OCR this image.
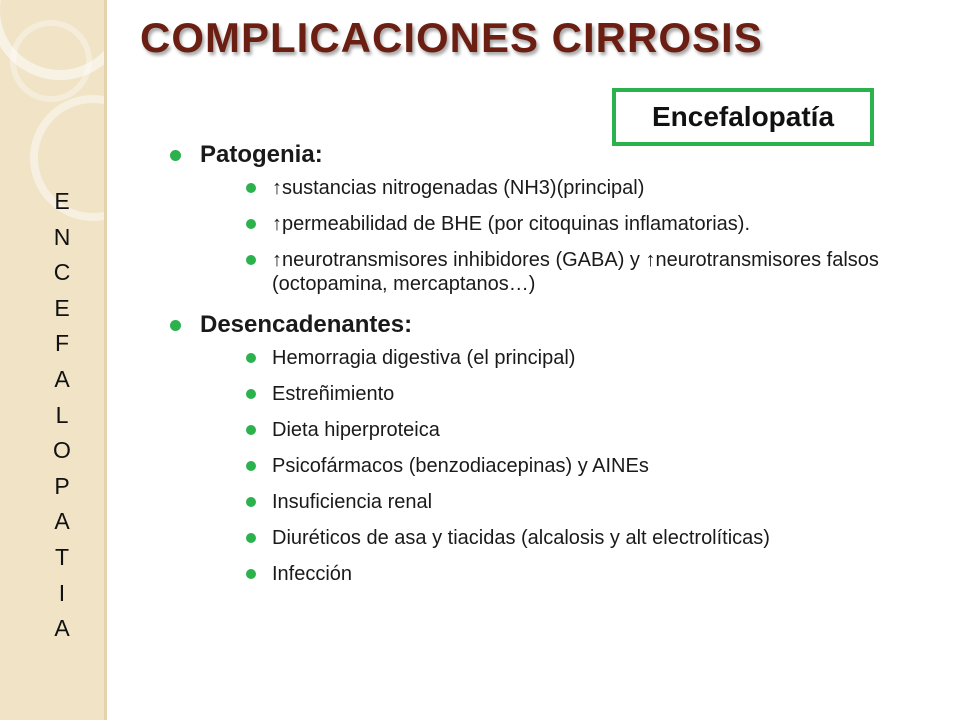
E
N
C
E
F
A
L
O
P
A
T
I
A
COMPLICACIONES CIRROSIS
Encefalopatía
Patogenia:
↑sustancias nitrogenadas (NH3)(principal)
↑permeabilidad de BHE (por citoquinas inflamatorias).
↑neurotransmisores inhibidores (GABA) y ↑neurotransmisores falsos (octopamina, mercaptanos…)
Desencadenantes:
Hemorragia digestiva (el principal)
Estreñimiento
Dieta hiperproteica
Psicofármacos (benzodiacepinas) y AINEs
Insuficiencia renal
Diuréticos de asa y tiacidas (alcalosis y alt electrolíticas)
Infección
